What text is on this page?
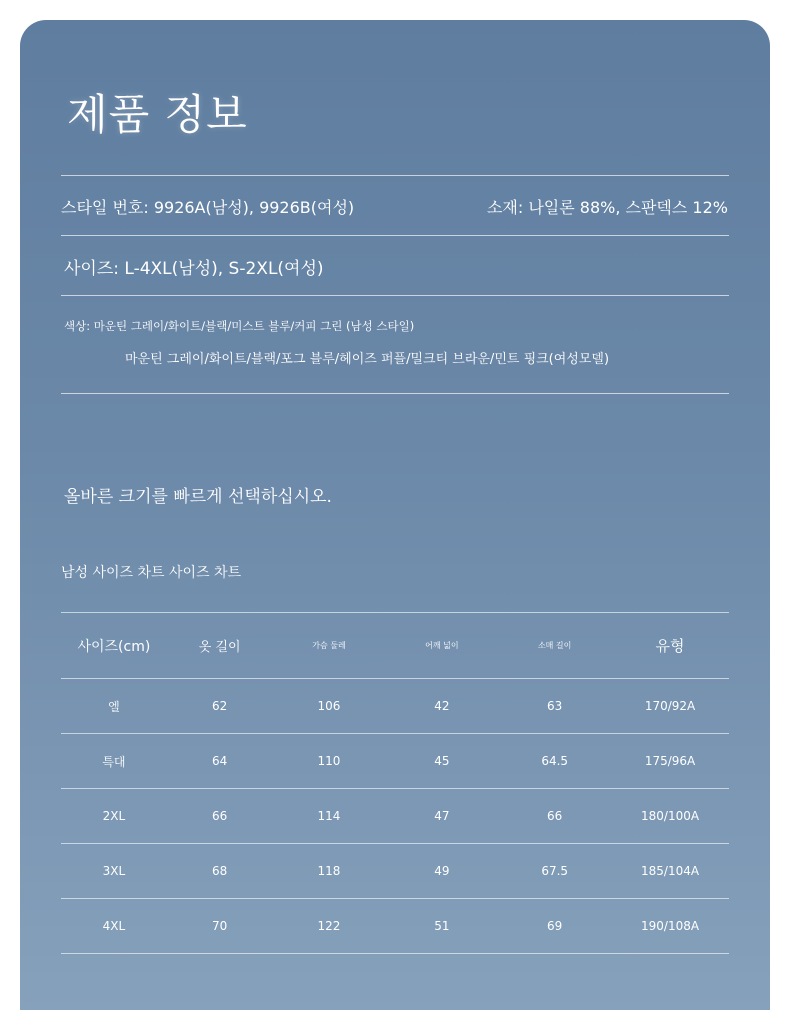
제품 정보
스타일 번호: 9926A(남성), 9926B(여성)	소재: 나일론 88%, 스판덱스 12%
사이즈: L-4XL(남성), S-2XL(여성)
색상: 마운틴 그레이/화이트/블랙/미스트 블루/커피 그린 (남성 스타일)
마운틴 그레이/화이트/블랙/포그 블루/헤이즈 퍼플/밀크티 브라운/민트 핑크(여성모델)
올바른 크기를 빠르게 선택하십시오.
남성 사이즈 차트 사이즈 차트
사이즈(cm)	옷 길이	가슴 둘레	어깨 넓이	소매 길이	유형
엘	62	106	42	63	170/92A
특대	64	110	45	64.5	175/96A
2XL	66	114	47	66	180/100A
3XL	68	118	49	67.5	185/104A
4XL	70	122	51	69	190/108A
